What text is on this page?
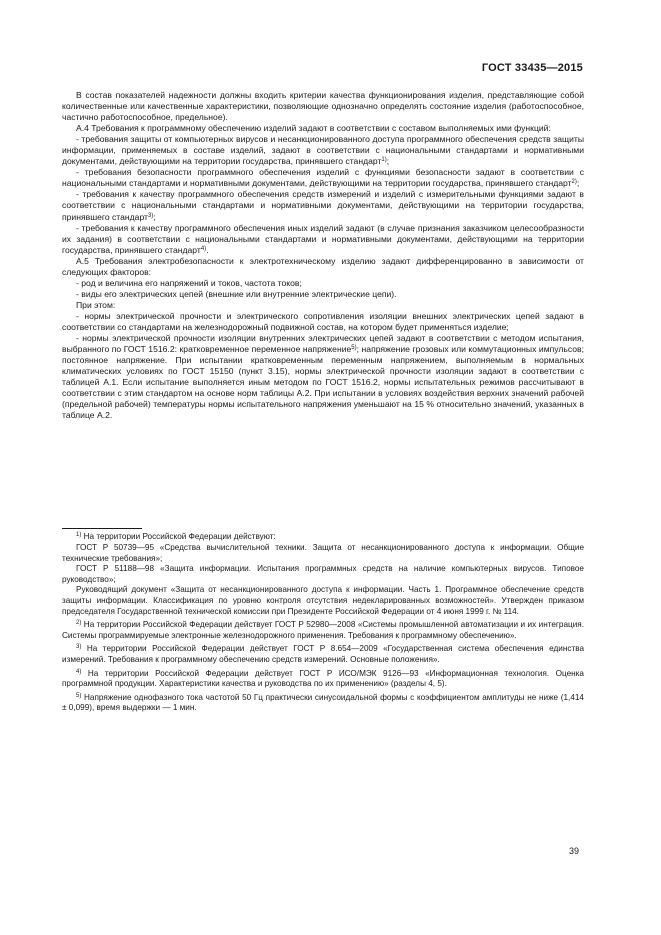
ГОСТ 33435—2015

В состав показателей надежности должны входить критерии качества функционирования изделия, представляющие собой количественные или качественные характеристики, позволяющие однозначно определять состояние изделия (работоспособное, частично работоспособное, предельное).

А.4 Требования к программному обеспечению изделий задают в соответствии с составом выполняемых ими функций:

- требования защиты от компьютерных вирусов и несанкционированного доступа программного обеспечения средств защиты информации, применяемых в составе изделий, задают в соответствии с национальными стандартами и нормативными документами, действующими на территории государства, принявшего стандарт$^{1)}$;

- требования безопасности программного обеспечения изделий с функциями безопасности задают в соответствии с национальными стандартами и нормативными документами, действующими на территории государства, принявшего стандарт$^{2)}$;

- требования к качеству программного обеспечения средств измерений и изделий с измерительными функциями задают в соответствии с национальными стандартами и нормативными документами, действующими на территории государства, принявшего стандарт$^{3)}$;

- требования к качеству программного обеспечения иных изделий задают (в случае признания заказчиком целесообразности их задания) в соответствии с национальными стандартами и нормативными документами, действующими на территории государства, принявшего стандарт$^{4)}$.

А.5 Требования электробезопасности к электротехническому изделию задают дифференцированно в зависимости от следующих факторов:

- род и величина его напряжений и токов, частота токов;

- виды его электрических цепей (внешние или внутренние электрические цепи).

При этом:

- нормы электрической прочности и электрического сопротивления изоляции внешних электрических цепей задают в соответствии со стандартами на железнодорожный подвижной состав, на котором будет применяться изделие;

- нормы электрической прочности изоляции внутренних электрических цепей задают в соответствии с методом испытания, выбранного по ГОСТ 1516.2: кратковременное переменное напряжение$^{5)}$; напряжение грозовых или коммутационных импульсов; постоянное напряжение. При испытании кратковременным переменным напряжением, выполняемым в нормальных климатических условиях по ГОСТ 15150 (пункт 3.15), нормы электрической прочности изоляции задают в соответствии с таблицей А.1. Если испытание выполняется иным методом по ГОСТ 1516.2, нормы испытательных режимов рассчитывают в соответствии с этим стандартом на основе норм таблицы А.2. При испытании в условиях воздействия верхних значений рабочей (предельной рабочей) температуры нормы испытательного напряжения уменьшают на 15 % относительно значений, указанных в таблице А.2.

$^{1)}$ На территории Российской Федерации действуют:

ГОСТ Р 50739—95 «Средства вычислительной техники. Защита от несанкционированного доступа к информации. Общие технические требования»;

ГОСТ Р 51188—98 «Защита информации. Испытания программных средств на наличие компьютерных вирусов. Типовое руководство»;

Руководящий документ «Защита от несанкционированного доступа к информации. Часть 1. Программное обеспечение средств защиты информации. Классификация по уровню контроля отсутствия недекларированных возможностей». Утвержден приказом председателя Государственной технической комиссии при Президенте Российской Федерации от 4 июня 1999 г. № 114.

$^{2)}$ На территории Российской Федерации действует ГОСТ Р 52980—2008 «Системы промышленной автоматизации и их интеграция. Системы программируемые электронные железнодорожного применения. Требования к программному обеспечению».

$^{3)}$ На территории Российской Федерации действует ГОСТ Р 8.654—2009 «Государственная система обеспечения единства измерений. Требования к программному обеспечению средств измерений. Основные положения».

$^{4)}$ На территории Российской Федерации действует ГОСТ Р ИСО/МЭК 9126—93 «Информационная технология. Оценка программной продукции. Характеристики качества и руководства по их применению» (разделы 4, 5).

$^{5)}$ Напряжение однофазного тока частотой 50 Гц практически синусоидальной формы с коэффициентом амплитуды не ниже (1,414 ± 0,099), время выдержки — 1 мин.

39
